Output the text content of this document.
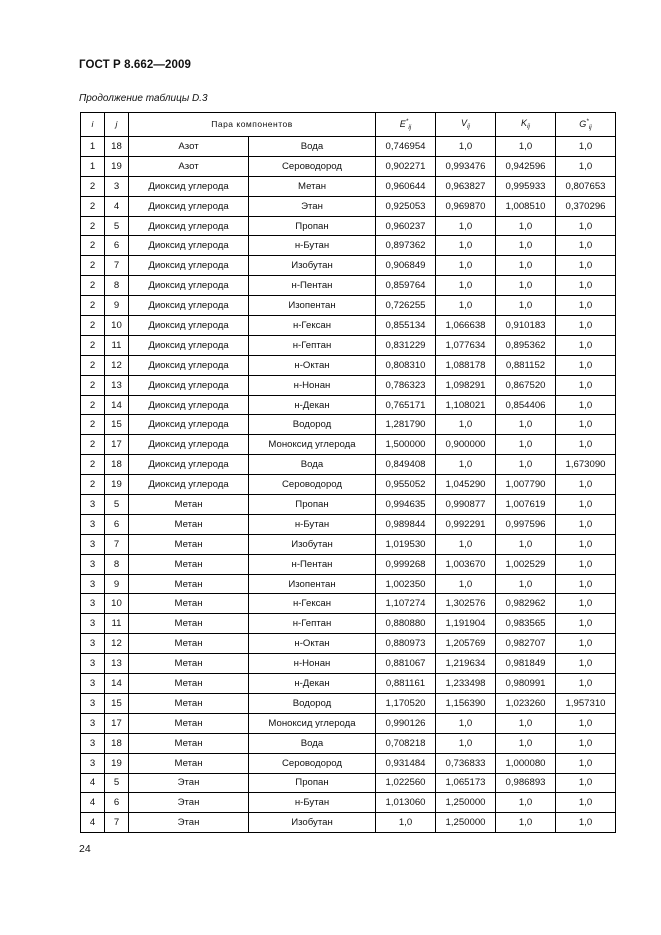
ГОСТ Р 8.662—2009
Продолжение таблицы D.3
i	j	Пара компонентов		$E^*_{ij}$	$V_{ij}$	$K_{ij}$	$G^*_{ij}$
1	18	Азот	Вода	0,746954	1,0	1,0	1,0
1	19	Азот	Сероводород	0,902271	0,993476	0,942596	1,0
2	3	Диоксид углерода	Метан	0,960644	0,963827	0,995933	0,807653
2	4	Диоксид углерода	Этан	0,925053	0,969870	1,008510	0,370296
2	5	Диоксид углерода	Пропан	0,960237	1,0	1,0	1,0
2	6	Диоксид углерода	н-Бутан	0,897362	1,0	1,0	1,0
2	7	Диоксид углерода	Изобутан	0,906849	1,0	1,0	1,0
2	8	Диоксид углерода	н-Пентан	0,859764	1,0	1,0	1,0
2	9	Диоксид углерода	Изопентан	0,726255	1,0	1,0	1,0
2	10	Диоксид углерода	н-Гексан	0,855134	1,066638	0,910183	1,0
2	11	Диоксид углерода	н-Гептан	0,831229	1,077634	0,895362	1,0
2	12	Диоксид углерода	н-Октан	0,808310	1,088178	0,881152	1,0
2	13	Диоксид углерода	н-Нонан	0,786323	1,098291	0,867520	1,0
2	14	Диоксид углерода	н-Декан	0,765171	1,108021	0,854406	1,0
2	15	Диоксид углерода	Водород	1,281790	1,0	1,0	1,0
2	17	Диоксид углерода	Моноксид углерода	1,500000	0,900000	1,0	1,0
2	18	Диоксид углерода	Вода	0,849408	1,0	1,0	1,673090
2	19	Диоксид углерода	Сероводород	0,955052	1,045290	1,007790	1,0
3	5	Метан	Пропан	0,994635	0,990877	1,007619	1,0
3	6	Метан	н-Бутан	0,989844	0,992291	0,997596	1,0
3	7	Метан	Изобутан	1,019530	1,0	1,0	1,0
3	8	Метан	н-Пентан	0,999268	1,003670	1,002529	1,0
3	9	Метан	Изопентан	1,002350	1,0	1,0	1,0
3	10	Метан	н-Гексан	1,107274	1,302576	0,982962	1,0
3	11	Метан	н-Гептан	0,880880	1,191904	0,983565	1,0
3	12	Метан	н-Октан	0,880973	1,205769	0,982707	1,0
3	13	Метан	н-Нонан	0,881067	1,219634	0,981849	1,0
3	14	Метан	н-Декан	0,881161	1,233498	0,980991	1,0
3	15	Метан	Водород	1,170520	1,156390	1,023260	1,957310
3	17	Метан	Моноксид углерода	0,990126	1,0	1,0	1,0
3	18	Метан	Вода	0,708218	1,0	1,0	1,0
3	19	Метан	Сероводород	0,931484	0,736833	1,000080	1,0
4	5	Этан	Пропан	1,022560	1,065173	0,986893	1,0
4	6	Этан	н-Бутан	1,013060	1,250000	1,0	1,0
4	7	Этан	Изобутан	1,0	1,250000	1,0	1,0
24
